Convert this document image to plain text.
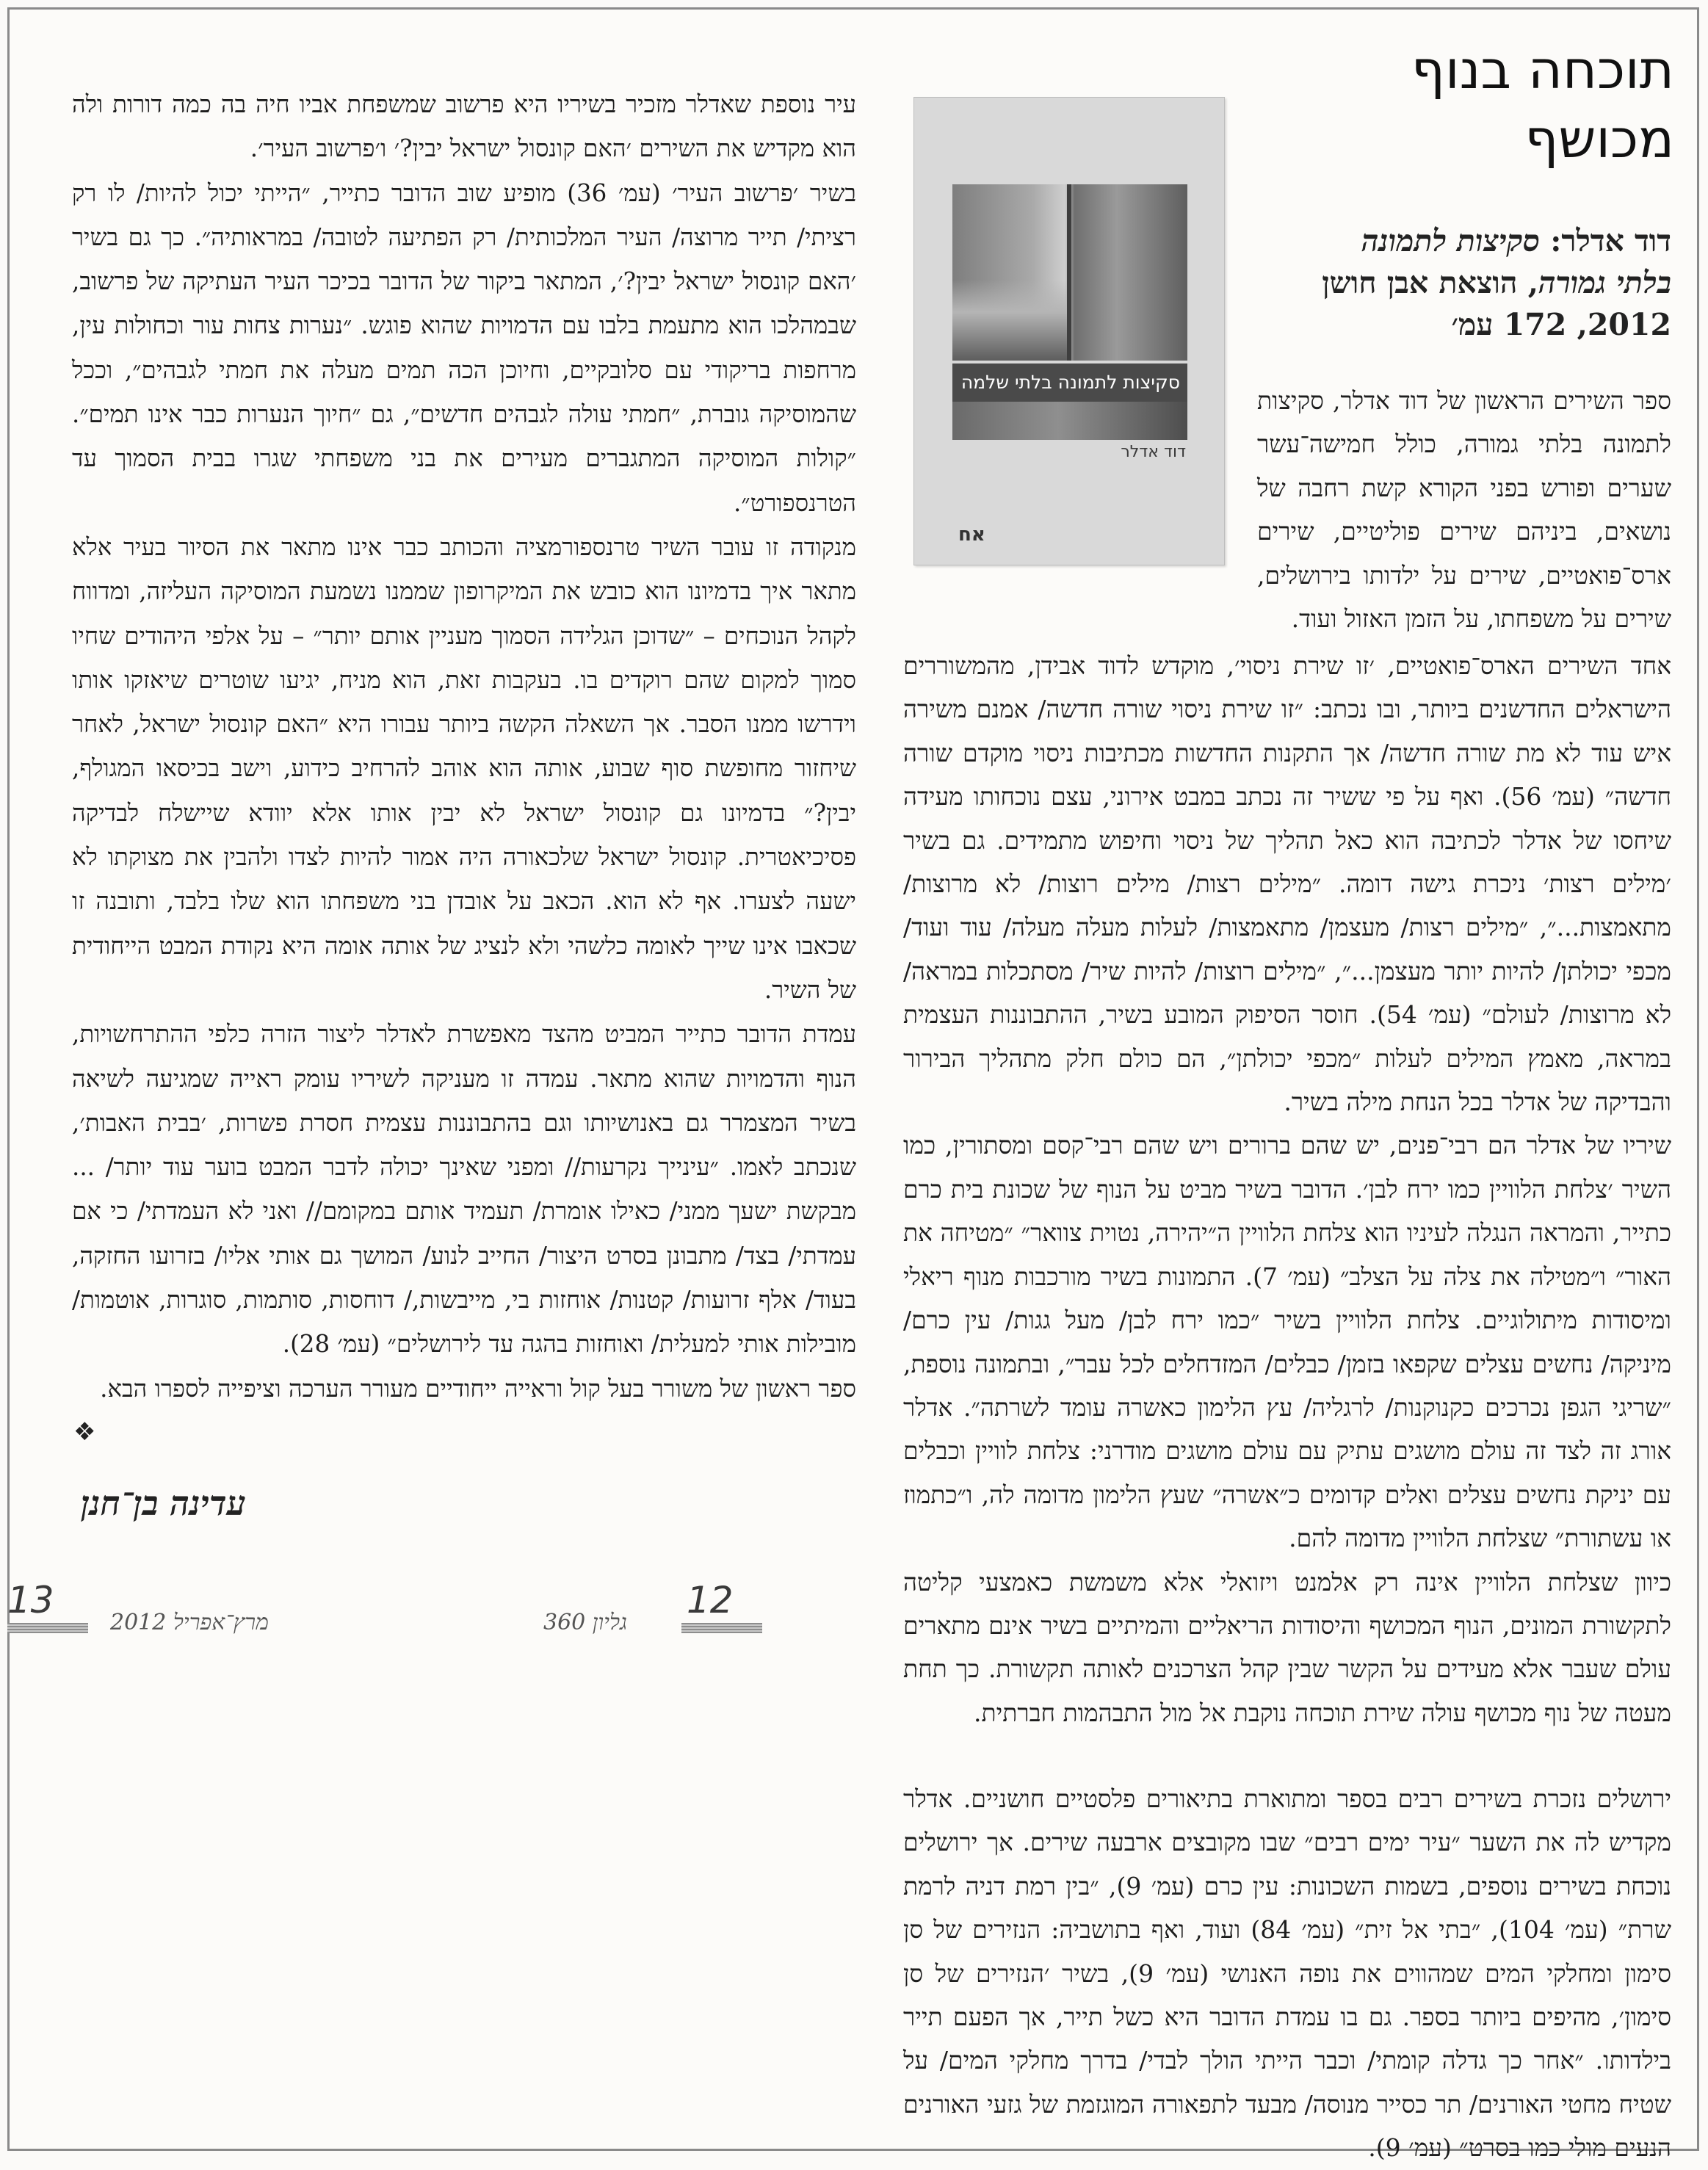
תוכחה בנוף
מכושף
דוד אדלר: סקיצות לתמונה
בלתי גמורה, הוצאת אבן חושן
2012, 172 עמ׳
סקיצות לתמונה בלתי שלמה
דוד אדלר
אח

ספר השירים הראשון של דוד אדלר, סקיצות לתמונה בלתי גמורה, כולל חמישה־עשר שערים ופורש בפני הקורא קשת רחבה של נושאים, ביניהם שירים פוליטיים, שירים ארס־פואטיים, שירים על ילדותו בירושלים, שירים על משפחתו, על הזמן האזול ועוד.

אחד השירים הארס־פואטיים, ׳זו שירת ניסוי׳, מוקדש לדוד אבידן, מהמשוררים הישראלים החדשנים ביותר, ובו נכתב: ״זו שירת ניסוי שורה חדשה/ אמנם משירה איש עוד לא מת שורה חדשה/ אך התקנות החדשות מכתיבות ניסוי מוקדם שורה חדשה״ (עמ׳ 56). ואף על פי ששיר זה נכתב במבט אירוני, עצם נוכחותו מעידה שיחסו של אדלר לכתיבה הוא כאל תהליך של ניסוי וחיפוש מתמידים. גם בשיר ׳מילים רצות׳ ניכרת גישה דומה. ״מילים רצות/ מילים רוצות/ לא מרוצות/ מתאמצות...״, ״מילים רצות/ מעצמן/ מתאמצות/ לעלות מעלה מעלה/ עוד ועוד/ מכפי יכולתן/ להיות יותר מעצמן...״, ״מילים רוצות/ להיות שיר/ מסתכלות במראה/ לא מרוצות/ לעולם״ (עמ׳ 54). חוסר הסיפוק המובע בשיר, ההתבוננות העצמית במראה, מאמץ המילים לעלות ״מכפי יכולתן״, הם כולם חלק מתהליך הבירור והבדיקה של אדלר בכל הנחת מילה בשיר.

שיריו של אדלר הם רבי־פנים, יש שהם ברורים ויש שהם רבי־קסם ומסתורין, כמו השיר ׳צלחת הלוויין כמו ירח לבן׳. הדובר בשיר מביט על הנוף של שכונת בית כרם כתייר, והמראה הנגלה לעיניו הוא צלחת הלוויין ה״יהירה, נטוית צוואר״ ״מטיחה את האור״ ו״מטילה את צלה על הצלב״ (עמ׳ 7). התמונות בשיר מורכבות מנוף ריאלי ומיסודות מיתולוגיים. צלחת הלוויין בשיר ״כמו ירח לבן/ מעל גגות/ עין כרם/ מיניקה/ נחשים עצלים שקפאו בזמן/ כבלים/ המזדחלים לכל עבר״, ובתמונה נוספת, ״שריגי הגפן נכרכים כקנוקנות/ לרגליה/ עץ הלימון כאשרה עומד לשרתה״. אדלר אורג זה לצד זה עולם מושגים עתיק עם עולם מושגים מודרני: צלחת לוויין וכבלים עם יניקת נחשים עצלים ואלים קדומים כ״אשרה״ שעץ הלימון מדומה לה, ו״כתמוז או עשתורת״ שצלחת הלוויין מדומה להם.

כיוון שצלחת הלוויין אינה רק אלמנט ויזואלי אלא משמשת כאמצעי קליטה לתקשורת המונים, הנוף המכושף והיסודות הריאליים והמיתיים בשיר אינם מתארים עולם שעבר אלא מעידים על הקשר שבין קהל הצרכנים לאותה תקשורת. כך תחת מעטה של נוף מכושף עולה שירת תוכחה נוקבת אל מול התבהמות חברתית.

ירושלים נזכרת בשירים רבים בספר ומתוארת בתיאורים פלסטיים חושניים. אדלר מקדיש לה את השער ״עיר ימים רבים״ שבו מקובצים ארבעה שירים. אך ירושלים נוכחת בשירים נוספים, בשמות השכונות: עין כרם (עמ׳ 9), ״בין רמת דניה לרמת שרת״ (עמ׳ 104), ״בתי אל זית״ (עמ׳ 84) ועוד, ואף בתושביה: הנזירים של סן סימון ומחלקי המים שמהווים את נופה האנושי (עמ׳ 9), בשיר ׳הנזירים של סן סימון׳, מהיפים ביותר בספר. גם בו עמדת הדובר היא כשל תייר, אך הפעם תייר בילדותו. ״אחר כך גדלה קומתי/ וכבר הייתי הולך לבדי/ בדרך מחלקי המים/ על שטיח מחטי האורנים/ תר כסייר מנוסה/ מבעד לתפאורה המוגזמת של גזעי האורנים הנעים מולי כמו בסרט״ (עמ׳ 9).

עיר נוספת שאדלר מזכיר בשיריו היא פרשוב שמשפחת אביו חיה בה כמה דורות ולה הוא מקדיש את השירים ׳האם קונסול ישראל יבין?׳ ו׳פרשוב העיר׳.

בשיר ׳פרשוב העיר׳ (עמ׳ 36) מופיע שוב הדובר כתייר, ״הייתי יכול להיות/ לו רק רציתי/ תייר מרוצה/ העיר המלכותית/ רק הפתיעה לטובה/ במראותיה״. כך גם בשיר ׳האם קונסול ישראל יבין?׳, המתאר ביקור של הדובר בכיכר העיר העתיקה של פרשוב, שבמהלכו הוא מתעמת בלבו עם הדמויות שהוא פוגש. ״נערות צחות עור וכחולות עין, מרחפות בריקודי עם סלובקיים, וחיוכן הכה תמים מעלה את חמתי לגבהים״, וככל שהמוסיקה גוברת, ״חמתי עולה לגבהים חדשים״, גם ״חיוך הנערות כבר אינו תמים״. ״קולות המוסיקה המתגברים מעירים את בני משפחתי שגרו בבית הסמוך עד הטרנספורט״.

מנקודה זו עובר השיר טרנספורמציה והכותב כבר אינו מתאר את הסיור בעיר אלא מתאר איך בדמיונו הוא כובש את המיקרופון שממנו נשמעת המוסיקה העליזה, ומדווח לקהל הנוכחים – ״שדוכן הגלידה הסמוך מעניין אותם יותר״ – על אלפי היהודים שחיו סמוך למקום שהם רוקדים בו. בעקבות זאת, הוא מניח, יגיעו שוטרים שיאזקו אותו וידרשו ממנו הסבר. אך השאלה הקשה ביותר עבורו היא ״האם קונסול ישראל, לאחר שיחזור מחופשת סוף שבוע, אותה הוא אוהב להרחיב כידוע, וישב בכיסאו המגולף, יבין?״ בדמיונו גם קונסול ישראל לא יבין אותו אלא יוודא שיישלח לבדיקה פסיכיאטרית. קונסול ישראל שלכאורה היה אמור להיות לצדו ולהבין את מצוקתו לא ישעה לצערו. אף לא הוא. הכאב על אובדן בני משפחתו הוא שלו בלבד, ותובנה זו שכאבו אינו שייך לאומה כלשהי ולא לנציג של אותה אומה היא נקודת המבט הייחודית של השיר.

עמדת הדובר כתייר המביט מהצד מאפשרת לאדלר ליצור הזרה כלפי ההתרחשויות, הנוף והדמויות שהוא מתאר. עמדה זו מעניקה לשיריו עומק ראייה שמגיעה לשיאה בשיר המצמרר גם באנושיותו וגם בהתבוננות עצמית חסרת פשרות, ׳בבית האבות׳, שנכתב לאמו. ״עינייך נקרעות// ומפני שאינך יכולה לדבר המבט בוער עוד יותר/ ... מבקשת ישעך ממני/ כאילו אומרת/ תעמיד אותם במקומם// ואני לא העמדתי/ כי אם עמדתי/ בצד/ מתבונן בסרט היצור/ החייב לנוע/ המושך גם אותי אליו/ בזרועו החזקה, בעוד/ אלף זרועות/ קטנות/ אוחזות בי, מייבשות,/ דוחסות, סותמות, סוגרות, אוטמות/ מובילות אותי למעלית/ ואוחזות בהגה עד לירושלים״ (עמ׳ 28).

ספר ראשון של משורר בעל קול וראייה ייחודיים מעורר הערכה וציפייה לספרו הבא.

❖
עדינה בן־חנן
12
גליון 360
13
מרץ־אפריל 2012
